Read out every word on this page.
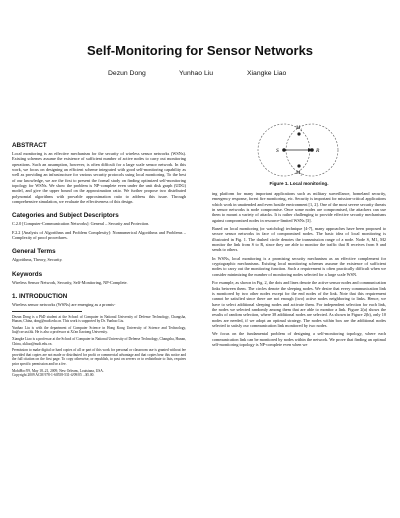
Self-Monitoring for Sensor Networks
Dezun Dong	Yunhao Liu	Xiangke Liao
ABSTRACT

Local monitoring is an effective mechanism for the security of wireless sensor networks (WSNs). Existing schemes assume the existence of sufficient number of active nodes to carry out monitoring operations. Such an assumption, however, is often difficult for a large scale sensor network. In this work, we focus on designing an efficient scheme integrated with good self-monitoring capability as well as providing an infrastructure for various security protocols using local monitoring. To the best of our knowledge, we are the first to present the formal study on finding optimized self-monitoring topology for WSNs. We show the problem is NP-complete even under the unit disk graph (UDG) model, and give the upper bound on the approximation ratio. We further propose two distributed polynomial algorithms with provable approximation ratio to address this issue. Through comprehensive simulation, we evaluate the effectiveness of this design.

Categories and Subject Descriptors

C.2.0 [Computer-Communication Networks]: General – Security and Protection.

F.2.2 [Analysis of Algorithms and Problem Complexity]: Nonnumerical Algorithms and Problems – Complexity of proof procedures.

General Terms

Algorithms, Theory, Security.

Keywords

Wireless Sensor Network, Security, Self-Monitoring, NP-Complete.

1. INTRODUCTION

Wireless sensor networks (WSNs) are emerging as a promis-

Dezun Dong is a PhD student at the School of Computer in National University of Defense Technology, Changsha, Hunan, China, dong@nudt.edu.cn. This work is supported by Dr. Yunhao Liu.

Yunhao Liu is with the department of Computer Science in Hong Kong University of Science and Technology, liu@cse.ust.hk. He is also a professor at Xi'an Jiaotong University.

Xiangke Liao is a professor at the School of Computer in National University of Defense Technology, Changsha, Hunan, China, xkliao@nudt.edu.cn.

Permission to make digital or hard copies of all or part of this work for personal or classroom use is granted without fee provided that copies are not made or distributed for profit or commercial advantage and that copies bear this notice and the full citation on the first page. To copy otherwise, or republish, to post on servers or to redistribute to lists, requires prior specific permission and/or a fee.

MobiHoc'09, May 18–21, 2009, New Orleans, Louisiana, USA.

Copyright 2009 ACM 978-1-60558-531-4/09/05 ...$5.00.

S	R
M 1
M 2
Figure 1. Local monitoring.

ing platform for many important applications such as military surveillance, homeland security, emergency response, forest fire monitoring, etc. Security is important for mission-critical applications which work in unattended and even hostile environment [1, 2]. One of the most severe security threats in sensor networks is node compromise. Once some nodes are compromised, the attackers can use them to mount a variety of attacks. It is rather challenging to provide effective security mechanisms against compromised nodes in resource-limited WSNs [3].

Based on local monitoring (or watchdog) technique [4-7], many approaches have been proposed to secure sensor networks in face of compromised nodes. The basic idea of local monitoring is illustrated in Fig. 1. The dashed circle denotes the transmission range of a node. Node S, M1, M2 monitor the link from S to R, since they are able to monitor the traffic that R receives from S and sends to others.

In WSNs, local monitoring is a promising security mechanism as an effective complement for cryptographic mechanisms. Existing local monitoring schemes assume the existence of sufficient nodes to carry out the monitoring function. Such a requirement is often practically difficult when we consider minimizing the number of monitoring nodes selected for a large scale WSN.

For example, as shown in Fig. 2, the dots and lines denote the active sensor nodes and communication links between them. The circles denote the sleeping nodes. We desire that every communication link is monitored by two other nodes except for the end nodes of the link. Note that this requirement cannot be satisfied since there are not enough (two) active nodes neighboring to links. Hence, we have to select additional sleeping nodes and activate them. For independent selection for each link, the nodes we selected randomly among them that are able to monitor a link. Figure 2(a) shows the results of random selection, where 38 additional nodes are selected. As shown in Figure 2(b), only 10 nodes are needed, if we adopt an optimal strategy. The nodes within box are the additional nodes selected to satisfy our communication link monitored by two nodes.

We focus on the fundamental problem of designing a self-monitoring topology, where each communication link can be monitored by nodes within the network. We prove that finding an optimal self-monitoring topology is NP-complete even when we
